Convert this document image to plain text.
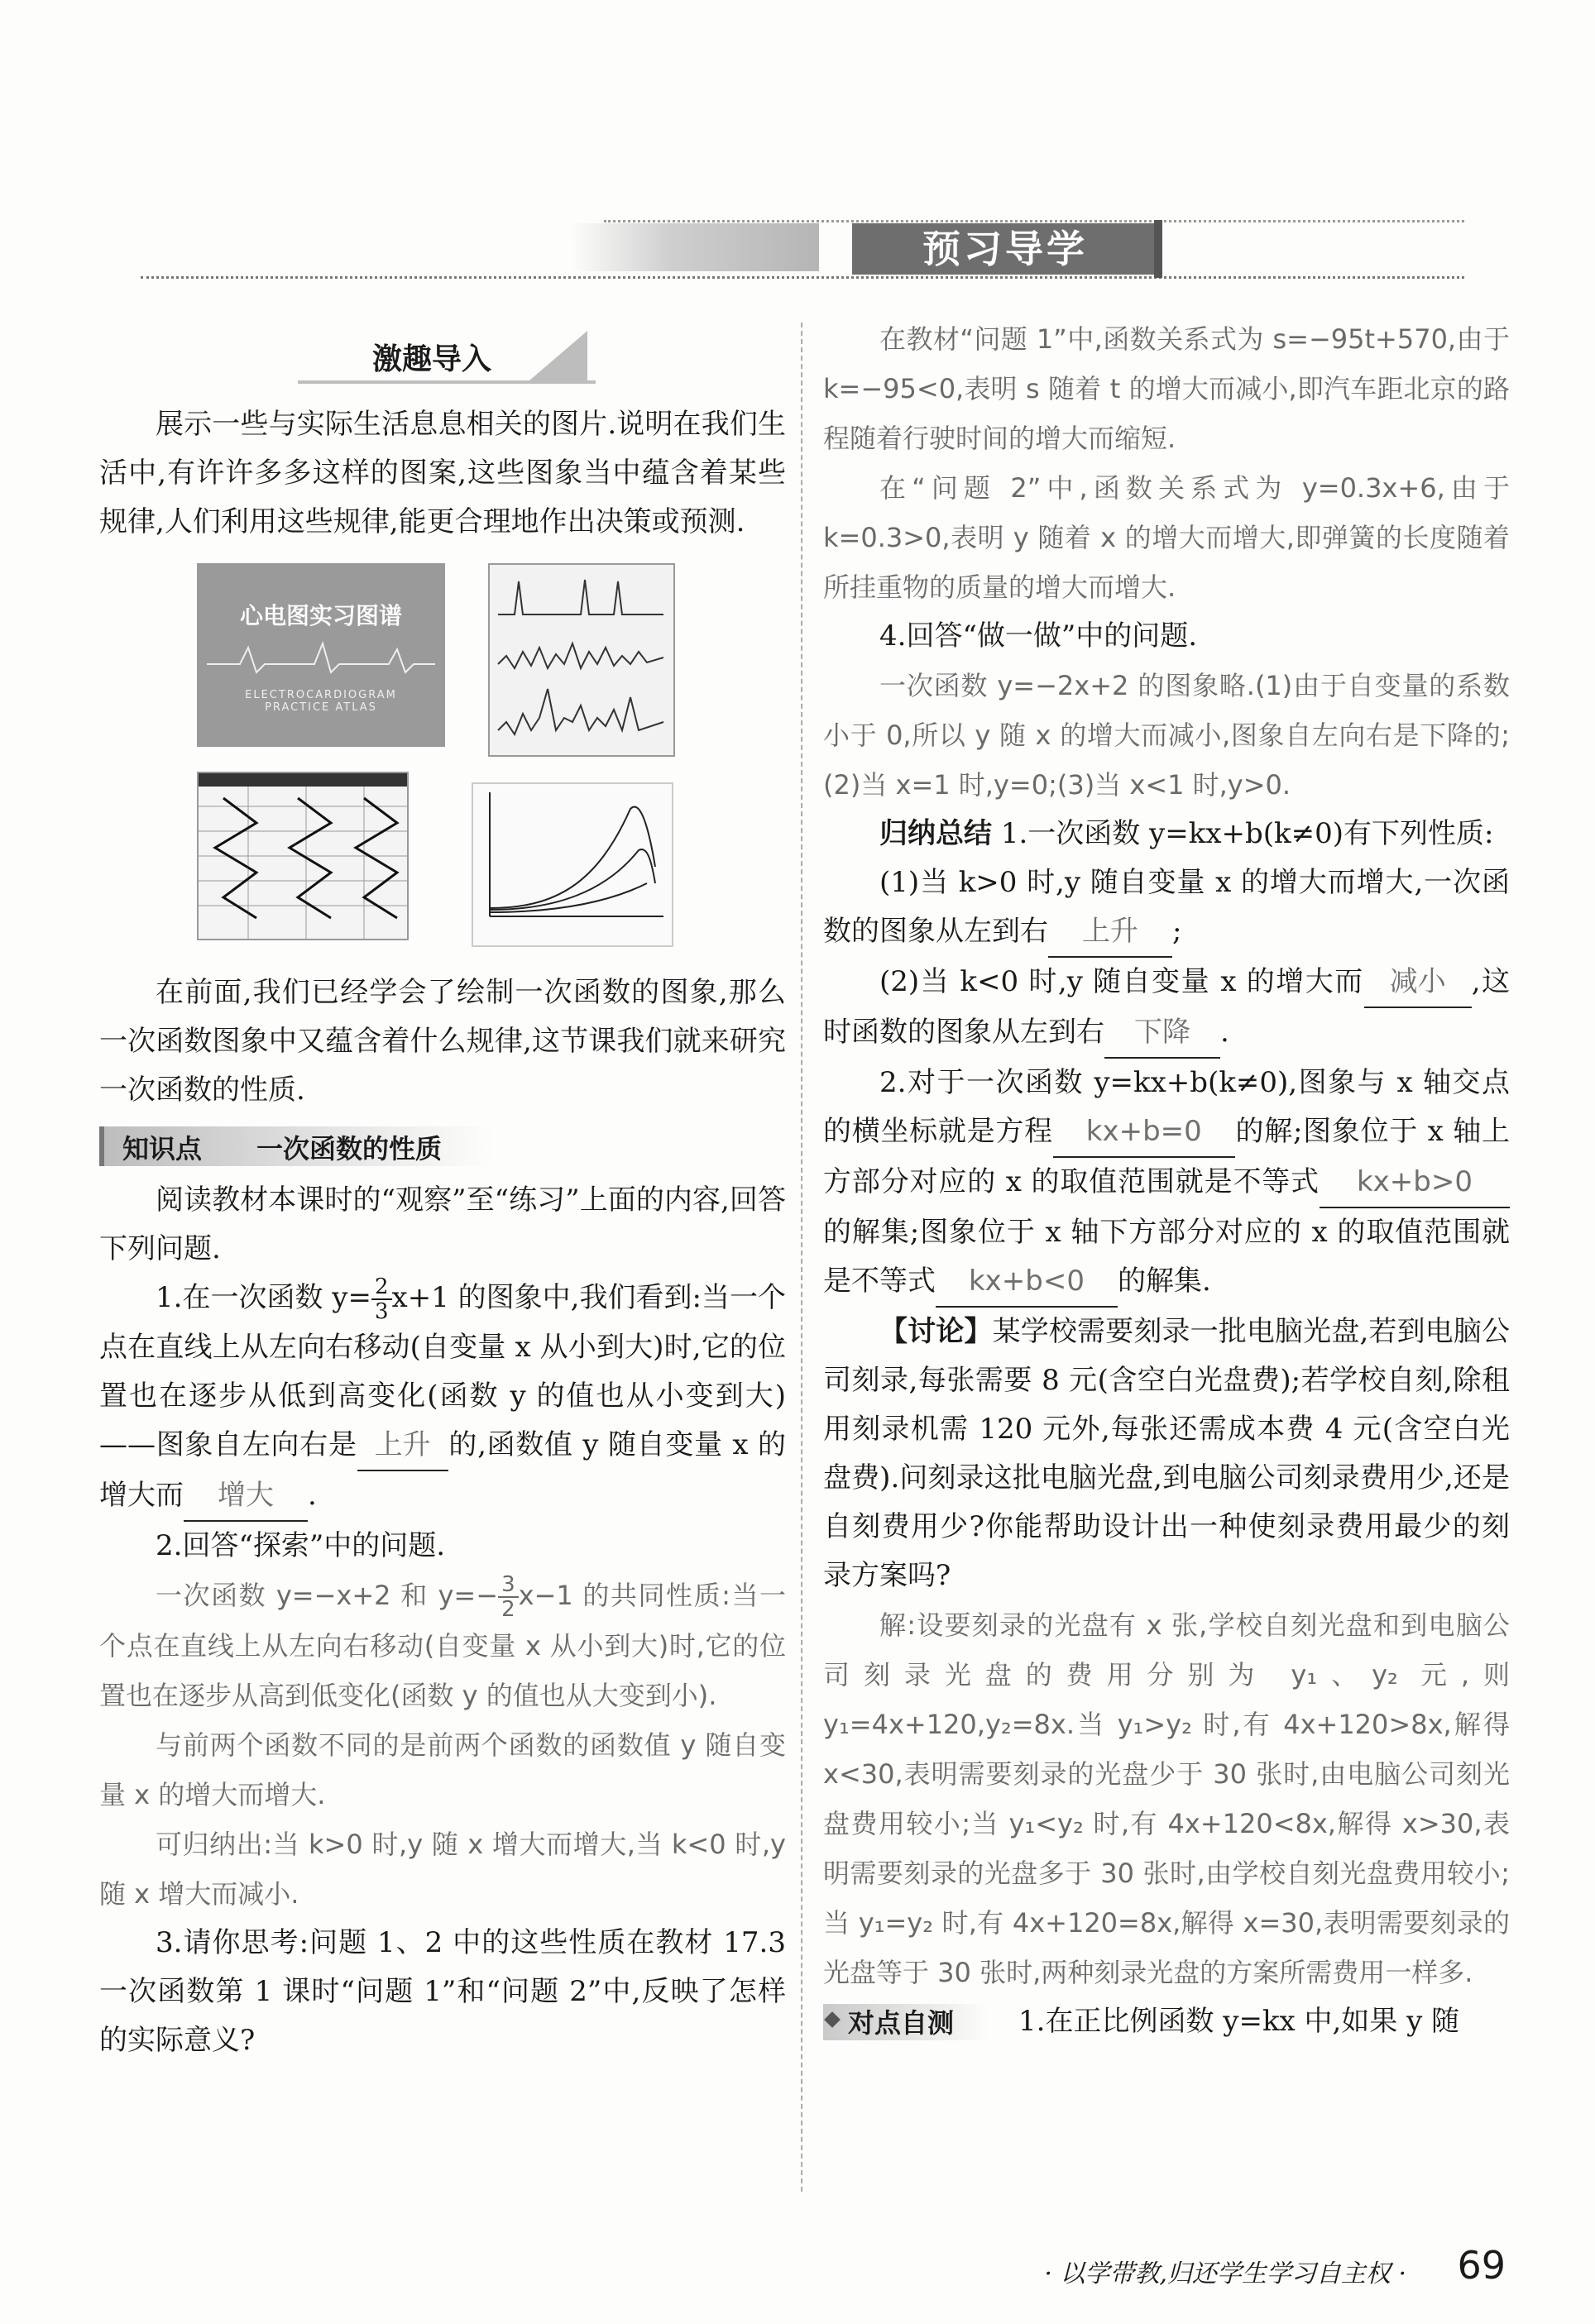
预习导学
激趣导入

展示一些与实际生活息息相关的图片.说明在我们生活中,有许许多多这样的图案,这些图象当中蕴含着某些规律,人们利用这些规律,能更合理地作出决策或预测.

心电图实习图谱
ELECTROCARDIOGRAM PRACTICE ATLAS

在前面,我们已经学会了绘制一次函数的图象,那么一次函数图象中又蕴含着什么规律,这节课我们就来研究一次函数的性质.

知识点 一次函数的性质

阅读教材本课时的“观察”至“练习”上面的内容,回答下列问题.

1.在一次函数 $y= \frac{2}{3} x+1$ 的图象中,我们看到:当一个点在直线上从左向右移动(自变量 x 从小到大)时,它的位置也在逐步从低到高变化(函数 y 的值也从小变到大)——图象自左向右是 上升 的,函数值 y 随自变量 x 的增大而 增大 .

2.回答“探索”中的问题.

一次函数 y=−x+2 和 $y=- \frac{3}{2} x-1$ 的共同性质:当一个点在直线上从左向右移动(自变量 x 从小到大)时,它的位置也在逐步从高到低变化(函数 y 的值也从大变到小).

与前两个函数不同的是前两个函数的函数值 y 随自变量 x 的增大而增大.

可归纳出:当 k>0 时,y 随 x 增大而增大,当 k<0 时,y 随 x 增大而减小.

3.请你思考:问题 1、2 中的这些性质在教材 17.3 一次函数第 1 课时“问题 1”和“问题 2”中,反映了怎样的实际意义?

在教材“问题 1”中,函数关系式为 s=−95t+570,由于 k=−95<0,表明 s 随着 t 的增大而减小,即汽车距北京的路程随着行驶时间的增大而缩短.

在“问题 2”中,函数关系式为 y=0.3x+6,由于 k=0.3>0,表明 y 随着 x 的增大而增大,即弹簧的长度随着所挂重物的质量的增大而增大.

4.回答“做一做”中的问题.

一次函数 y=−2x+2 的图象略.(1)由于自变量的系数小于 0,所以 y 随 x 的增大而减小,图象自左向右是下降的;(2)当 x=1 时,y=0;(3)当 x<1 时,y>0.

归纳总结 1.一次函数 y=kx+b(k≠0)有下列性质:

(1)当 k>0 时,y 随自变量 x 的增大而增大,一次函数的图象从左到右 上升 ;

(2)当 k<0 时,y 随自变量 x 的增大而 减小 ,这时函数的图象从左到右 下降 .

2.对于一次函数 y=kx+b(k≠0),图象与 x 轴交点的横坐标就是方程 kx+b=0 的解;图象位于 x 轴上方部分对应的 x 的取值范围就是不等式 kx+b>0的解集;图象位于 x 轴下方部分对应的 x 的取值范围就是不等式 kx+b<0 的解集.

【讨论】某学校需要刻录一批电脑光盘,若到电脑公司刻录,每张需要 8 元(含空白光盘费);若学校自刻,除租用刻录机需 120 元外,每张还需成本费 4 元(含空白光盘费).问刻录这批电脑光盘,到电脑公司刻录费用少,还是自刻费用少?你能帮助设计出一种使刻录费用最少的刻录方案吗?

解:设要刻录的光盘有 x 张,学校自刻光盘和到电脑公司刻录光盘的费用分别为 y₁、y₂ 元,则 y₁=4x+120,y₂=8x.当 y₁>y₂ 时,有 4x+120>8x,解得 x<30,表明需要刻录的光盘少于 30 张时,由电脑公司刻光盘费用较小;当 y₁<y₂ 时,有 4x+120<8x,解得 x>30,表明需要刻录的光盘多于 30 张时,由学校自刻光盘费用较小;当 y₁=y₂ 时,有 4x+120=8x,解得 x=30,表明需要刻录的光盘等于 30 张时,两种刻录光盘的方案所需费用一样多.

对点自测 1.在正比例函数 y=kx 中,如果 y 随
· 以学带教,归还学生学习自主权 · 69
